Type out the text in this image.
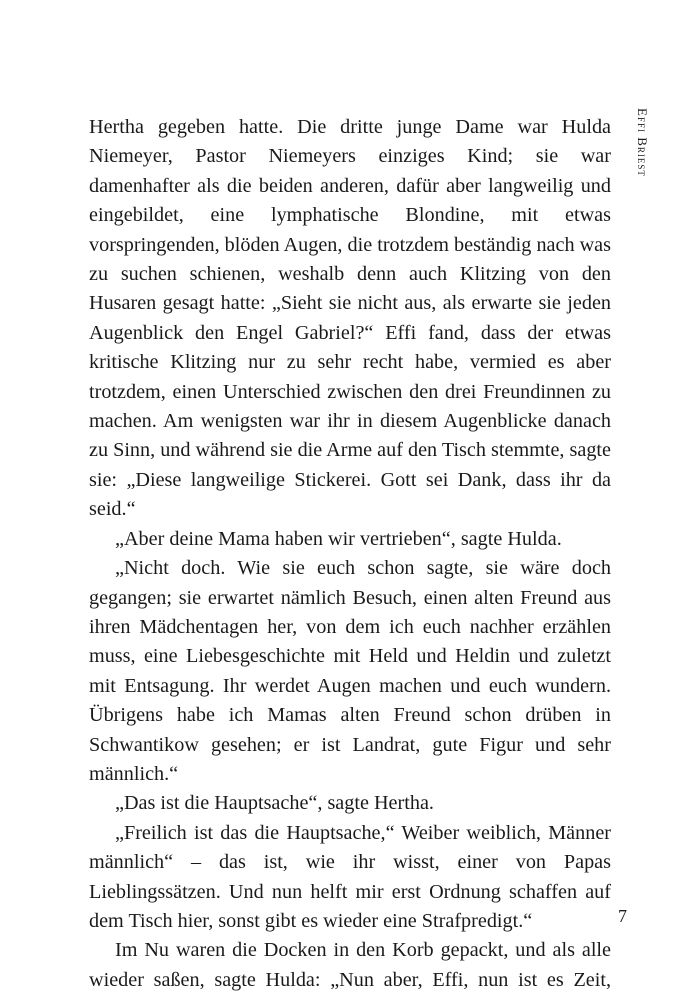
Hertha gegeben hatte. Die dritte junge Dame war Hulda Niemeyer, Pastor Niemeyers einziges Kind; sie war damenhafter als die beiden anderen, dafür aber langweilig und eingebildet, eine lymphatische Blondine, mit etwas vorspringenden, blöden Augen, die trotzdem beständig nach was zu suchen schienen, weshalb denn auch Klitzing von den Husaren gesagt hatte: „Sieht sie nicht aus, als erwarte sie jeden Augenblick den Engel Gabriel?“ Effi fand, dass der etwas kritische Klitzing nur zu sehr recht habe, vermied es aber trotzdem, einen Unterschied zwischen den drei Freundinnen zu machen. Am wenigsten war ihr in diesem Augenblicke danach zu Sinn, und während sie die Arme auf den Tisch stemmte, sagte sie: „Diese langweilige Stickerei. Gott sei Dank, dass ihr da seid.“

„Aber deine Mama haben wir vertrieben“, sagte Hulda.

„Nicht doch. Wie sie euch schon sagte, sie wäre doch gegangen; sie erwartet nämlich Besuch, einen alten Freund aus ihren Mädchentagen her, von dem ich euch nachher erzählen muss, eine Liebesgeschichte mit Held und Heldin und zuletzt mit Entsagung. Ihr werdet Augen machen und euch wundern. Übrigens habe ich Mamas alten Freund schon drüben in Schwantikow gesehen; er ist Landrat, gute Figur und sehr männlich.“

„Das ist die Hauptsache“, sagte Hertha.

„Freilich ist das die Hauptsache,“ Weiber weiblich, Männer männlich“ – das ist, wie ihr wisst, einer von Papas Lieblingssätzen. Und nun helft mir erst Ordnung schaffen auf dem Tisch hier, sonst gibt es wieder eine Strafpredigt.“

Im Nu waren die Docken in den Korb gepackt, und als alle wieder saßen, sagte Hulda: „Nun aber, Effi, nun ist es Zeit,

Effi Briest
7
